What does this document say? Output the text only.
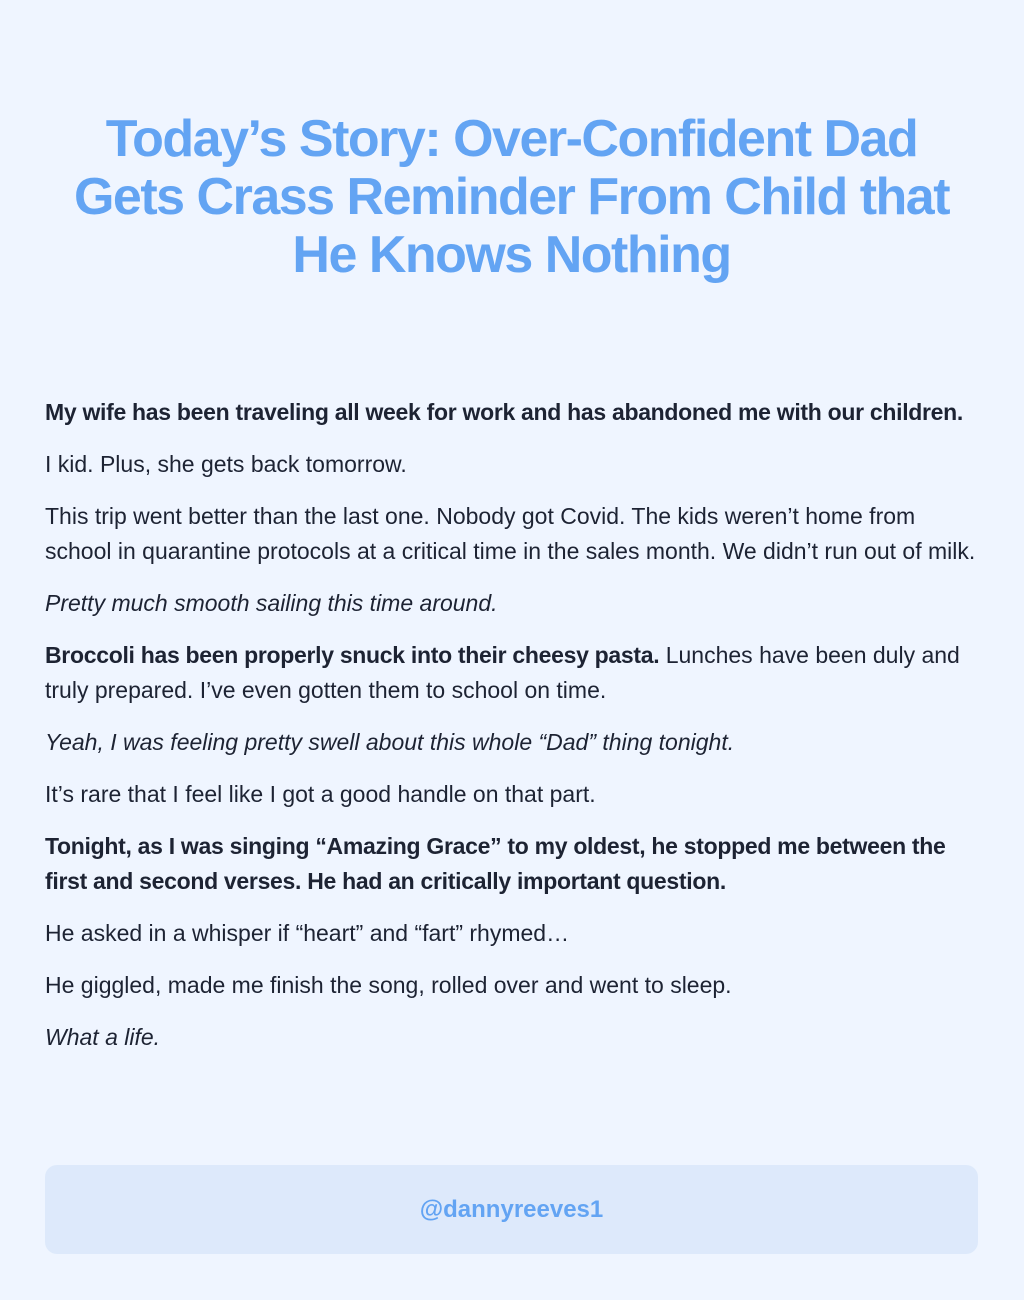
Today’s Story: Over-Confident Dad Gets Crass Reminder From Child that He Knows Nothing

My wife has been traveling all week for work and has abandoned me with our children.

I kid. Plus, she gets back tomorrow.

This trip went better than the last one. Nobody got Covid. The kids weren’t home from school in quarantine protocols at a critical time in the sales month. We didn’t run out of milk.

Pretty much smooth sailing this time around.

Broccoli has been properly snuck into their cheesy pasta. Lunches have been duly and truly prepared. I’ve even gotten them to school on time.

Yeah, I was feeling pretty swell about this whole “Dad” thing tonight.

It’s rare that I feel like I got a good handle on that part.

Tonight, as I was singing “Amazing Grace” to my oldest, he stopped me between the first and second verses. He had an critically important question.

He asked in a whisper if “heart” and “fart” rhymed…

He giggled, made me finish the song, rolled over and went to sleep.

What a life.

@dannyreeves1
